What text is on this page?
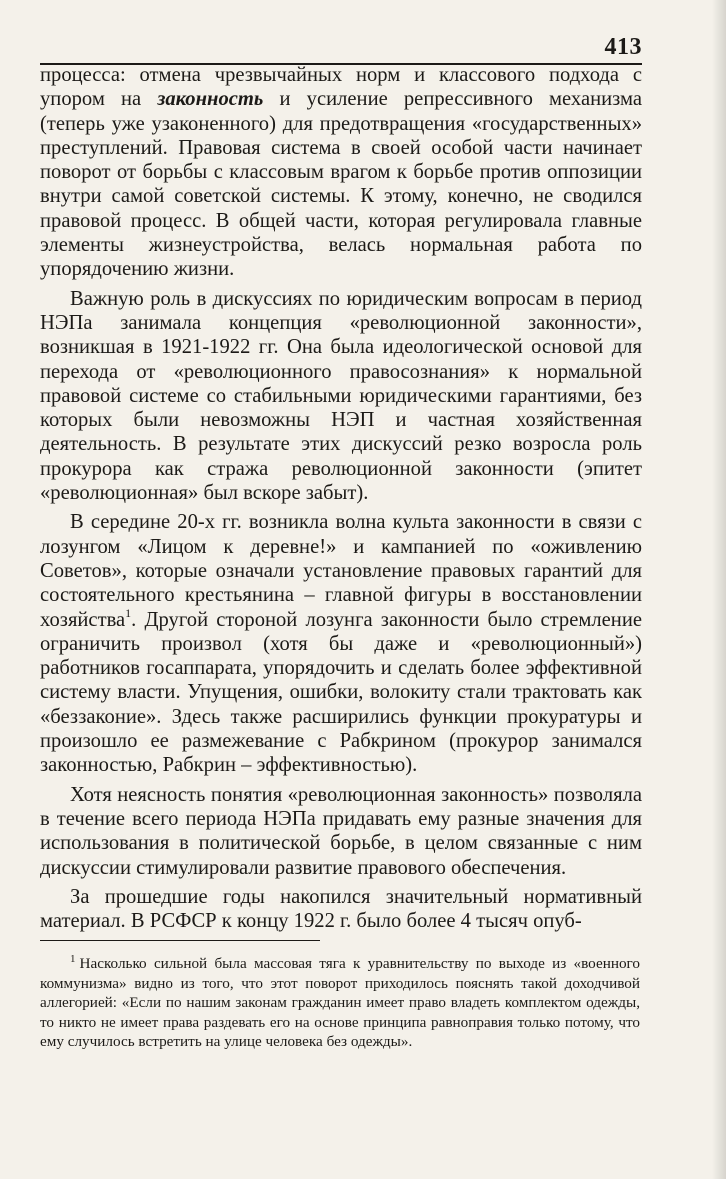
413

процесса: отмена чрезвычайных норм и классового подхода с упором на законность и усиление репрессивного механизма (теперь уже узаконенного) для предотвращения «государственных» преступлений. Правовая система в своей особой части начинает поворот от борьбы с классовым врагом к борьбе против оппозиции внутри самой советской системы. К этому, конечно, не сводился правовой процесс. В общей части, которая регулировала главные элементы жизнеустройства, велась нормальная работа по упорядочению жизни.

Важную роль в дискуссиях по юридическим вопросам в период НЭПа занимала концепция «революционной законности», возникшая в 1921-1922 гг. Она была идеологической основой для перехода от «революционного правосознания» к нормальной правовой системе со стабильными юридическими гарантиями, без которых были невозможны НЭП и частная хозяйственная деятельность. В результате этих дискуссий резко возросла роль прокурора как стража революционной законности (эпитет «революционная» был вскоре забыт).

В середине 20-х гг. возникла волна культа законности в связи с лозунгом «Лицом к деревне!» и кампанией по «оживлению Советов», которые означали установление правовых гарантий для состоятельного крестьянина – главной фигуры в восстановлении хозяйства$^1$. Другой стороной лозунга законности было стремление ограничить произвол (хотя бы даже и «революционный») работников госаппарата, упорядочить и сделать более эффективной систему власти. Упущения, ошибки, волокиту стали трактовать как «беззаконие». Здесь также расширились функции прокуратуры и произошло ее размежевание с Рабкрином (прокурор занимался законностью, Рабкрин – эффективностью).

Хотя неясность понятия «революционная законность» позволяла в течение всего периода НЭПа придавать ему разные значения для использования в политической борьбе, в целом связанные с ним дискуссии стимулировали развитие правового обеспечения.

За прошедшие годы накопился значительный нормативный материал. В РСФСР к концу 1922 г. было более 4 тысяч опуб-

$^1$ Насколько сильной была массовая тяга к уравнительству по выходе из «военного коммунизма» видно из того, что этот поворот приходилось пояснять такой доходчивой аллегорией: «Если по нашим законам гражданин имеет право владеть комплектом одежды, то никто не имеет права раздевать его на основе принципа равноправия только потому, что ему случилось встретить на улице человека без одежды».
